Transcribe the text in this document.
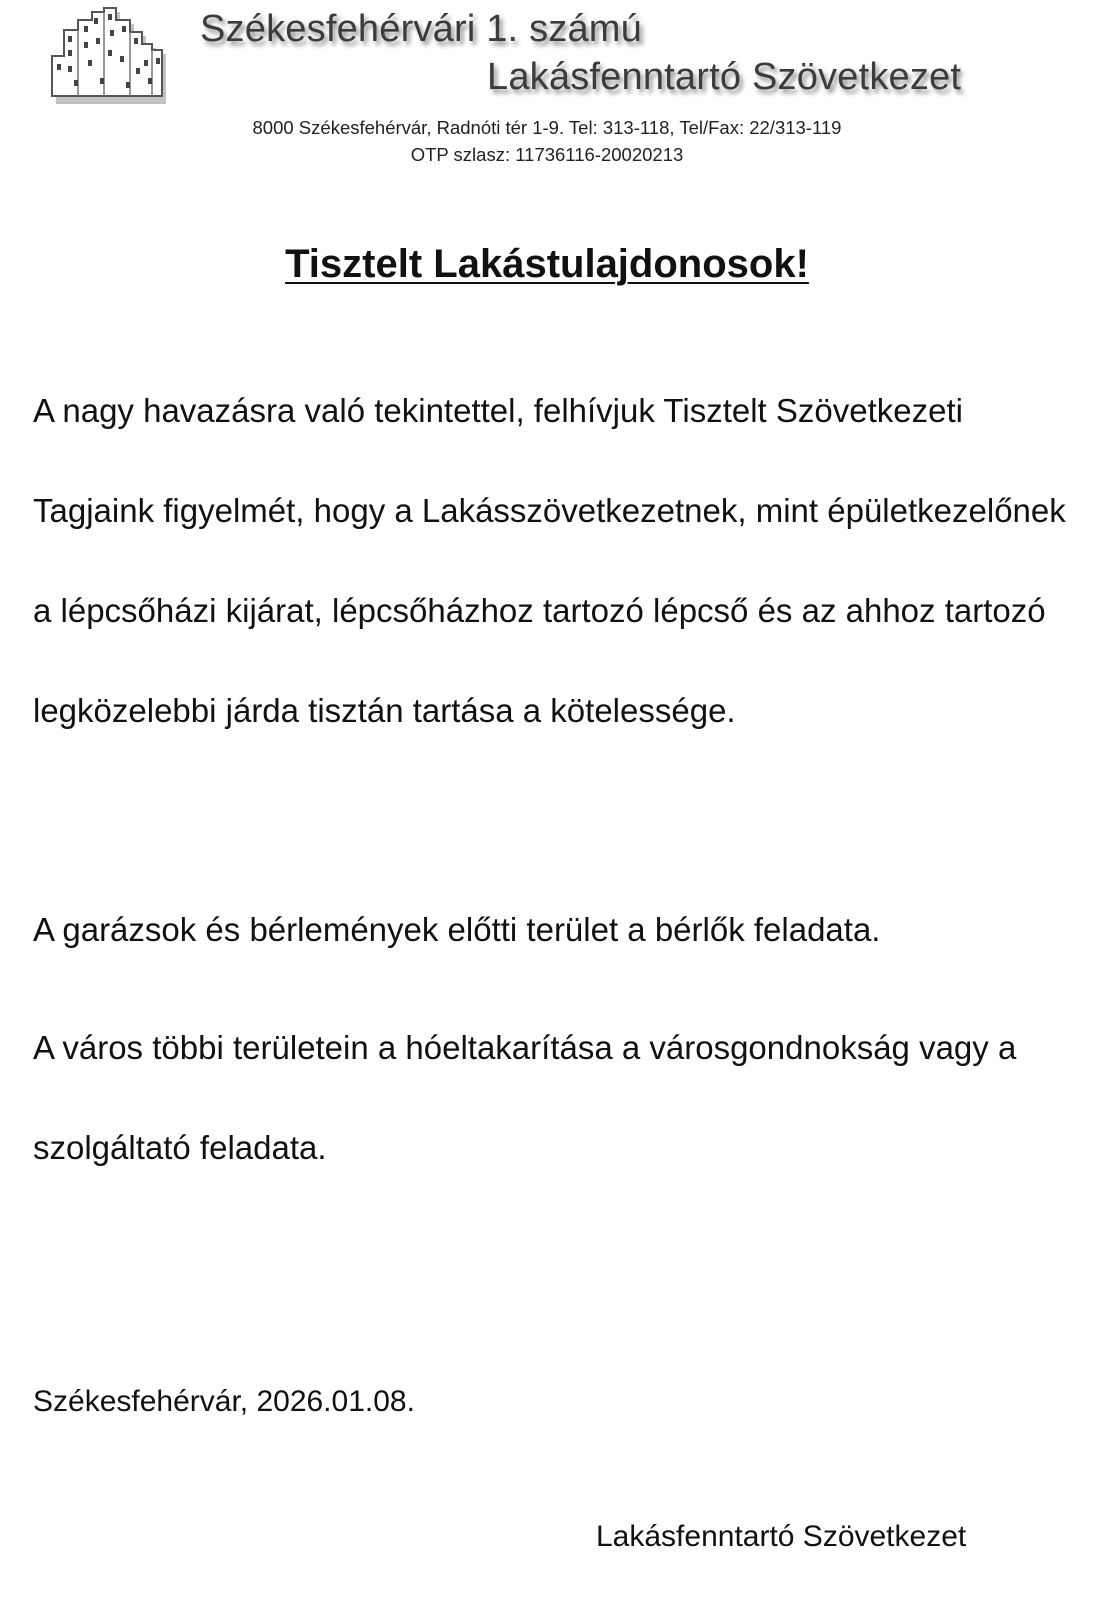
Székesfehérvári 1. számú
Lakásfenntartó Szövetkezet
8000 Székesfehérvár, Radnóti tér 1-9. Tel: 313-118, Tel/Fax: 22/313-119
OTP szlasz: 11736116-20020213
Tisztelt Lakástulajdonosok!

A nagy havazásra való tekintettel, felhívjuk Tisztelt Szövetkezeti Tagjaink figyelmét, hogy a Lakásszövetkezetnek, mint épületkezelőnek a lépcsőházi kijárat, lépcsőházhoz tartozó lépcső és az ahhoz tartozó legközelebbi járda tisztán tartása a kötelessége.

A garázsok és bérlemények előtti terület a bérlők feladata.

A város többi területein a hóeltakarítása a városgondnokság vagy a szolgáltató feladata.

Székesfehérvár, 2026.01.08.
Lakásfenntartó Szövetkezet
